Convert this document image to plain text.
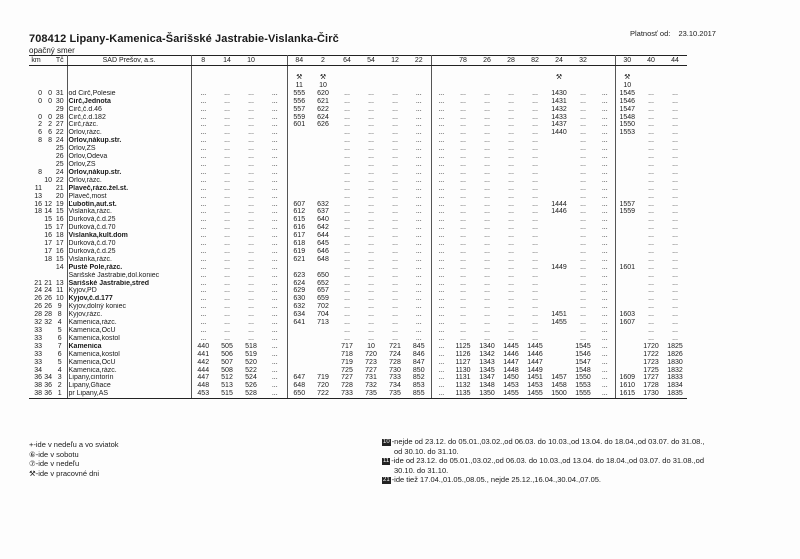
Platnosť od: 23.10.2017
708412 Lipany-Kamenica-Šarišské Jastrabie-Vislanka-Čirč
opačný smer
km		Tč	SAD Prešov, a.s.	8	14	10		84	2	64	54	12	22		78	26	28	82	24	32		30	40	44

								⚒	⚒										⚒			⚒		
								11	10													10		
0	0	31	od Čirč,Polesie	...	...	...	...	555	620	...	...	...	...	...	...	...	...	...	1430	...	...	1545	...	...
0	0	30	Čirč,Jednota	...	...	...	...	556	621	...	...	...	...	...	...	...	...	...	1431	...	...	1546	...	...
		29	Čirč,č.d.46	...	...	...	...	557	622	...	...	...	...	...	...	...	...	...	1432	...	...	1547	...	...
0	0	28	Čirč,č.d.182	...	...	...	...	559	624	...	...	...	...	...	...	...	...	...	1433	...	...	1548	...	...
2	2	27	Čirč,rázc.	...	...	...	...	601	626	...	...	...	...	...	...	...	...	...	1437	...	...	1550	...	...
6	6	22	Orlov,rázc.	...	...	...	...			...	...	...	...	...	...	...	...	...	1440	...	...	1553	...	...
8	8	24	Orlov,nákup.str.	...	...	...	...			...	...	...	...	...	...	...	...	...		...	...		...	...
		25	Orlov,ZS	...	...	...	...			...	...	...	...	...	...	...	...	...		...	...		...	...
		26	Orlov,Odeva	...	...	...	...			...	...	...	...	...	...	...	...	...		...	...		...	...
		25	Orlov,ZS	...	...	...	...			...	...	...	...	...	...	...	...	...		...	...		...	...
8		24	Orlov,nákup.str.	...	...	...	...			...	...	...	...	...	...	...	...	...		...	...		...	...
	10	22	Orlov,rázc.	...	...	...	...			...	...	...	...	...	...	...	...	...		...	...		...	...
11		21	Plaveč,rázc.žel.st.	...	...	...	...			...	...	...	...	...	...	...	...	...		...	...		...	...
13		20	Plaveč,most	...	...	...	...			...	...	...	...	...	...	...	...	...		...	...		...	...
16	12	19	Ľubotín,aut.st.	...	...	...	...	607	632	...	...	...	...	...	...	...	...	...	1444	...	...	1557	...	...
18	14	15	Vislanka,rázc.	...	...	...	...	612	637	...	...	...	...	...	...	...	...	...	1446	...	...	1559	...	...
	15	16	Ďurková,č.d.25	...	...	...	...	615	640	...	...	...	...	...	...	...	...	...		...	...		...	...
	15	17	Ďurková,č.d.70	...	...	...	...	616	642	...	...	...	...	...	...	...	...	...		...	...		...	...
	16	18	Vislanka,kult.dom	...	...	...	...	617	644	...	...	...	...	...	...	...	...	...		...	...		...	...
	17	17	Ďurková,č.d.70	...	...	...	...	618	645	...	...	...	...	...	...	...	...	...		...	...		...	...
	17	16	Ďurková,č.d.25	...	...	...	...	619	646	...	...	...	...	...	...	...	...	...		...	...		...	...
	18	15	Vislanka,rázc.	...	...	...	...	621	648	...	...	...	...	...	...	...	...	...		...	...		...	...
		14	Pusté Pole,rázc.	...	...	...	...			...	...	...	...	...	...	...	...	...	1449	...	...	1601	...	...
			Šarišské Jastrabie,dol.koniec	...	...	...	...	623	650	...	...	...	...	...	...	...	...	...		...	...		...	...
21	21	13	Šarišské Jastrabie,stred	...	...	...	...	624	652	...	...	...	...	...	...	...	...	...		...	...		...	...
24	24	11	Kyjov,PD	...	...	...	...	629	657	...	...	...	...	...	...	...	...	...		...	...		...	...
26	26	10	Kyjov,č.d.177	...	...	...	...	630	659	...	...	...	...	...	...	...	...	...		...	...		...	...
26	26	9	Kyjov,dolný koniec	...	...	...	...	632	702	...	...	...	...	...	...	...	...	...		...	...		...	...
28	28	8	Kyjov,rázc.	...	...	...	...	634	704	...	...	...	...	...	...	...	...	...	1451	...	...	1603	...	...
32	32	4	Kamenica,rázc.	...	...	...	...	641	713	...	...	...	...	...	...	...	...	...	1455	...	...	1607	...	...
33		5	Kamenica,OcÚ	...	...	...	...			...	...	...	...	...	...	...	...	...		...	...		...	...
33		6	Kamenica,kostol	...	...	...	...			...	...	...	...	...	...	...	...	...		...	...		...	...
33		7	Kamenica	440	505	518	...			717	10	721	845	...	1125	1340	1445	1445		1545	...		1720	1825
33		6	Kamenica,kostol	441	506	519	...			718	720	724	846	...	1126	1342	1446	1446		1546	...		1722	1826
33		5	Kamenica,OcÚ	442	507	520	...			719	723	728	847	...	1127	1343	1447	1447		1547	...		1723	1830
34		4	Kamenica,rázc.	444	508	522	...			725	727	730	850	...	1130	1345	1448	1449		1548	...		1725	1832
36	34	3	Lipany,cintorín	447	512	524	...	647	719	727	731	733	852	...	1131	1347	1450	1451	1457	1550	...	1609	1727	1833
38	36	2	Lipany,Gfiace	448	513	526	...	648	720	728	732	734	853	...	1132	1348	1453	1453	1458	1553	...	1610	1728	1834
38	36	1	pr Lipany,AS	453	515	528	...	650	722	733	735	735	855	...	1135	1350	1455	1455	1500	1555	...	1615	1730	1835
+-ide v nedeľu a vo sviatok
⑥-ide v sobotu
⑦-ide v nedeľu
⚒-ide v pracovné dni
10 -nejde od 23.12. do 05.01.,03.02.,od 06.03. do 10.03.,od 13.04. do 18.04.,od 03.07. do 31.08.,
od 30.10. do 31.10.
11 -ide od 23.12. do 05.01.,03.02.,od 06.03. do 10.03.,od 13.04. do 18.04.,od 03.07. do 31.08.,od
30.10. do 31.10.
21 -ide tiež 17.04.,01.05.,08.05., nejde 25.12.,16.04.,30.04.,07.05.
